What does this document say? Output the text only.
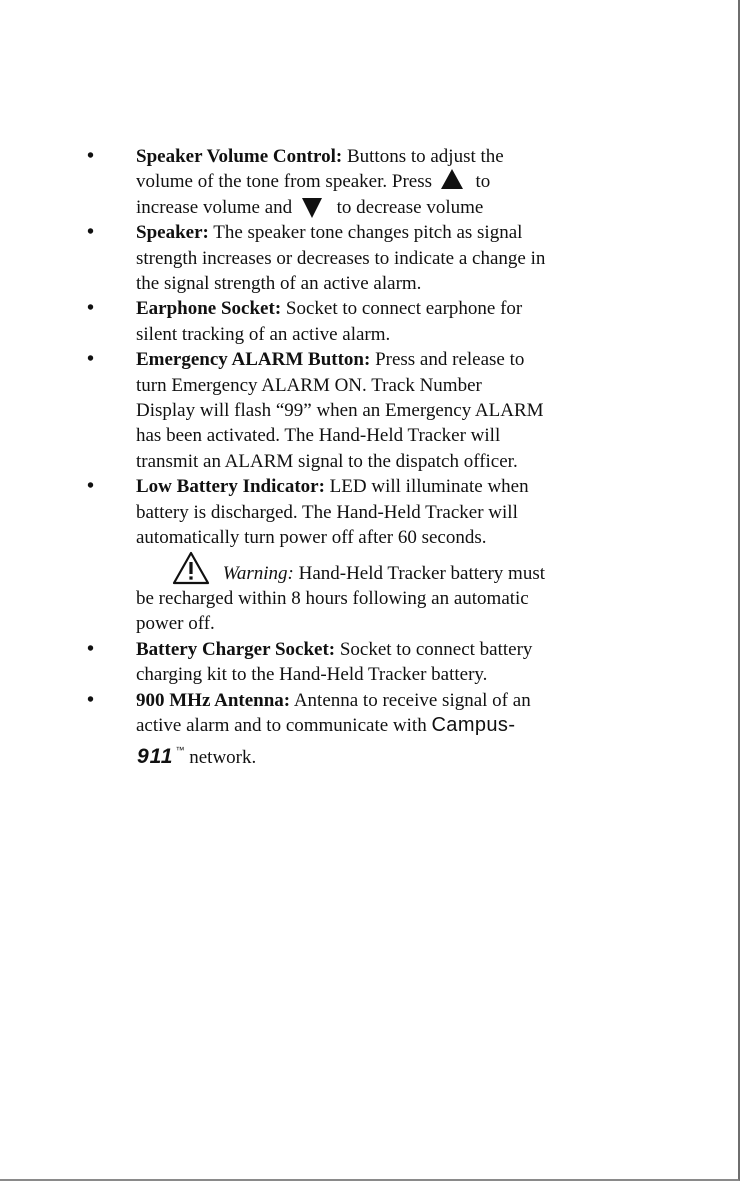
• Speaker Volume Control: Buttons to adjust the
volume of the tone from speaker. Press to
increase volume and to decrease volume
• Speaker: The speaker tone changes pitch as signal
strength increases or decreases to indicate a change in
the signal strength of an active alarm.
• Earphone Socket: Socket to connect earphone for
silent tracking of an active alarm.
• Emergency ALARM Button: Press and release to
turn Emergency ALARM ON. Track Number
Display will flash “99” when an Emergency ALARM
has been activated. The Hand-Held Tracker will
transmit an ALARM signal to the dispatch officer.
• Low Battery Indicator: LED will illuminate when
battery is discharged. The Hand-Held Tracker will
automatically turn power off after 60 seconds.
Warning: Hand-Held Tracker battery must
be recharged within 8 hours following an automatic
power off.
• Battery Charger Socket: Socket to connect battery
charging kit to the Hand-Held Tracker battery.
• 900 MHz Antenna: Antenna to receive signal of an
active alarm and to communicate with Campus-
911 ™ network.
